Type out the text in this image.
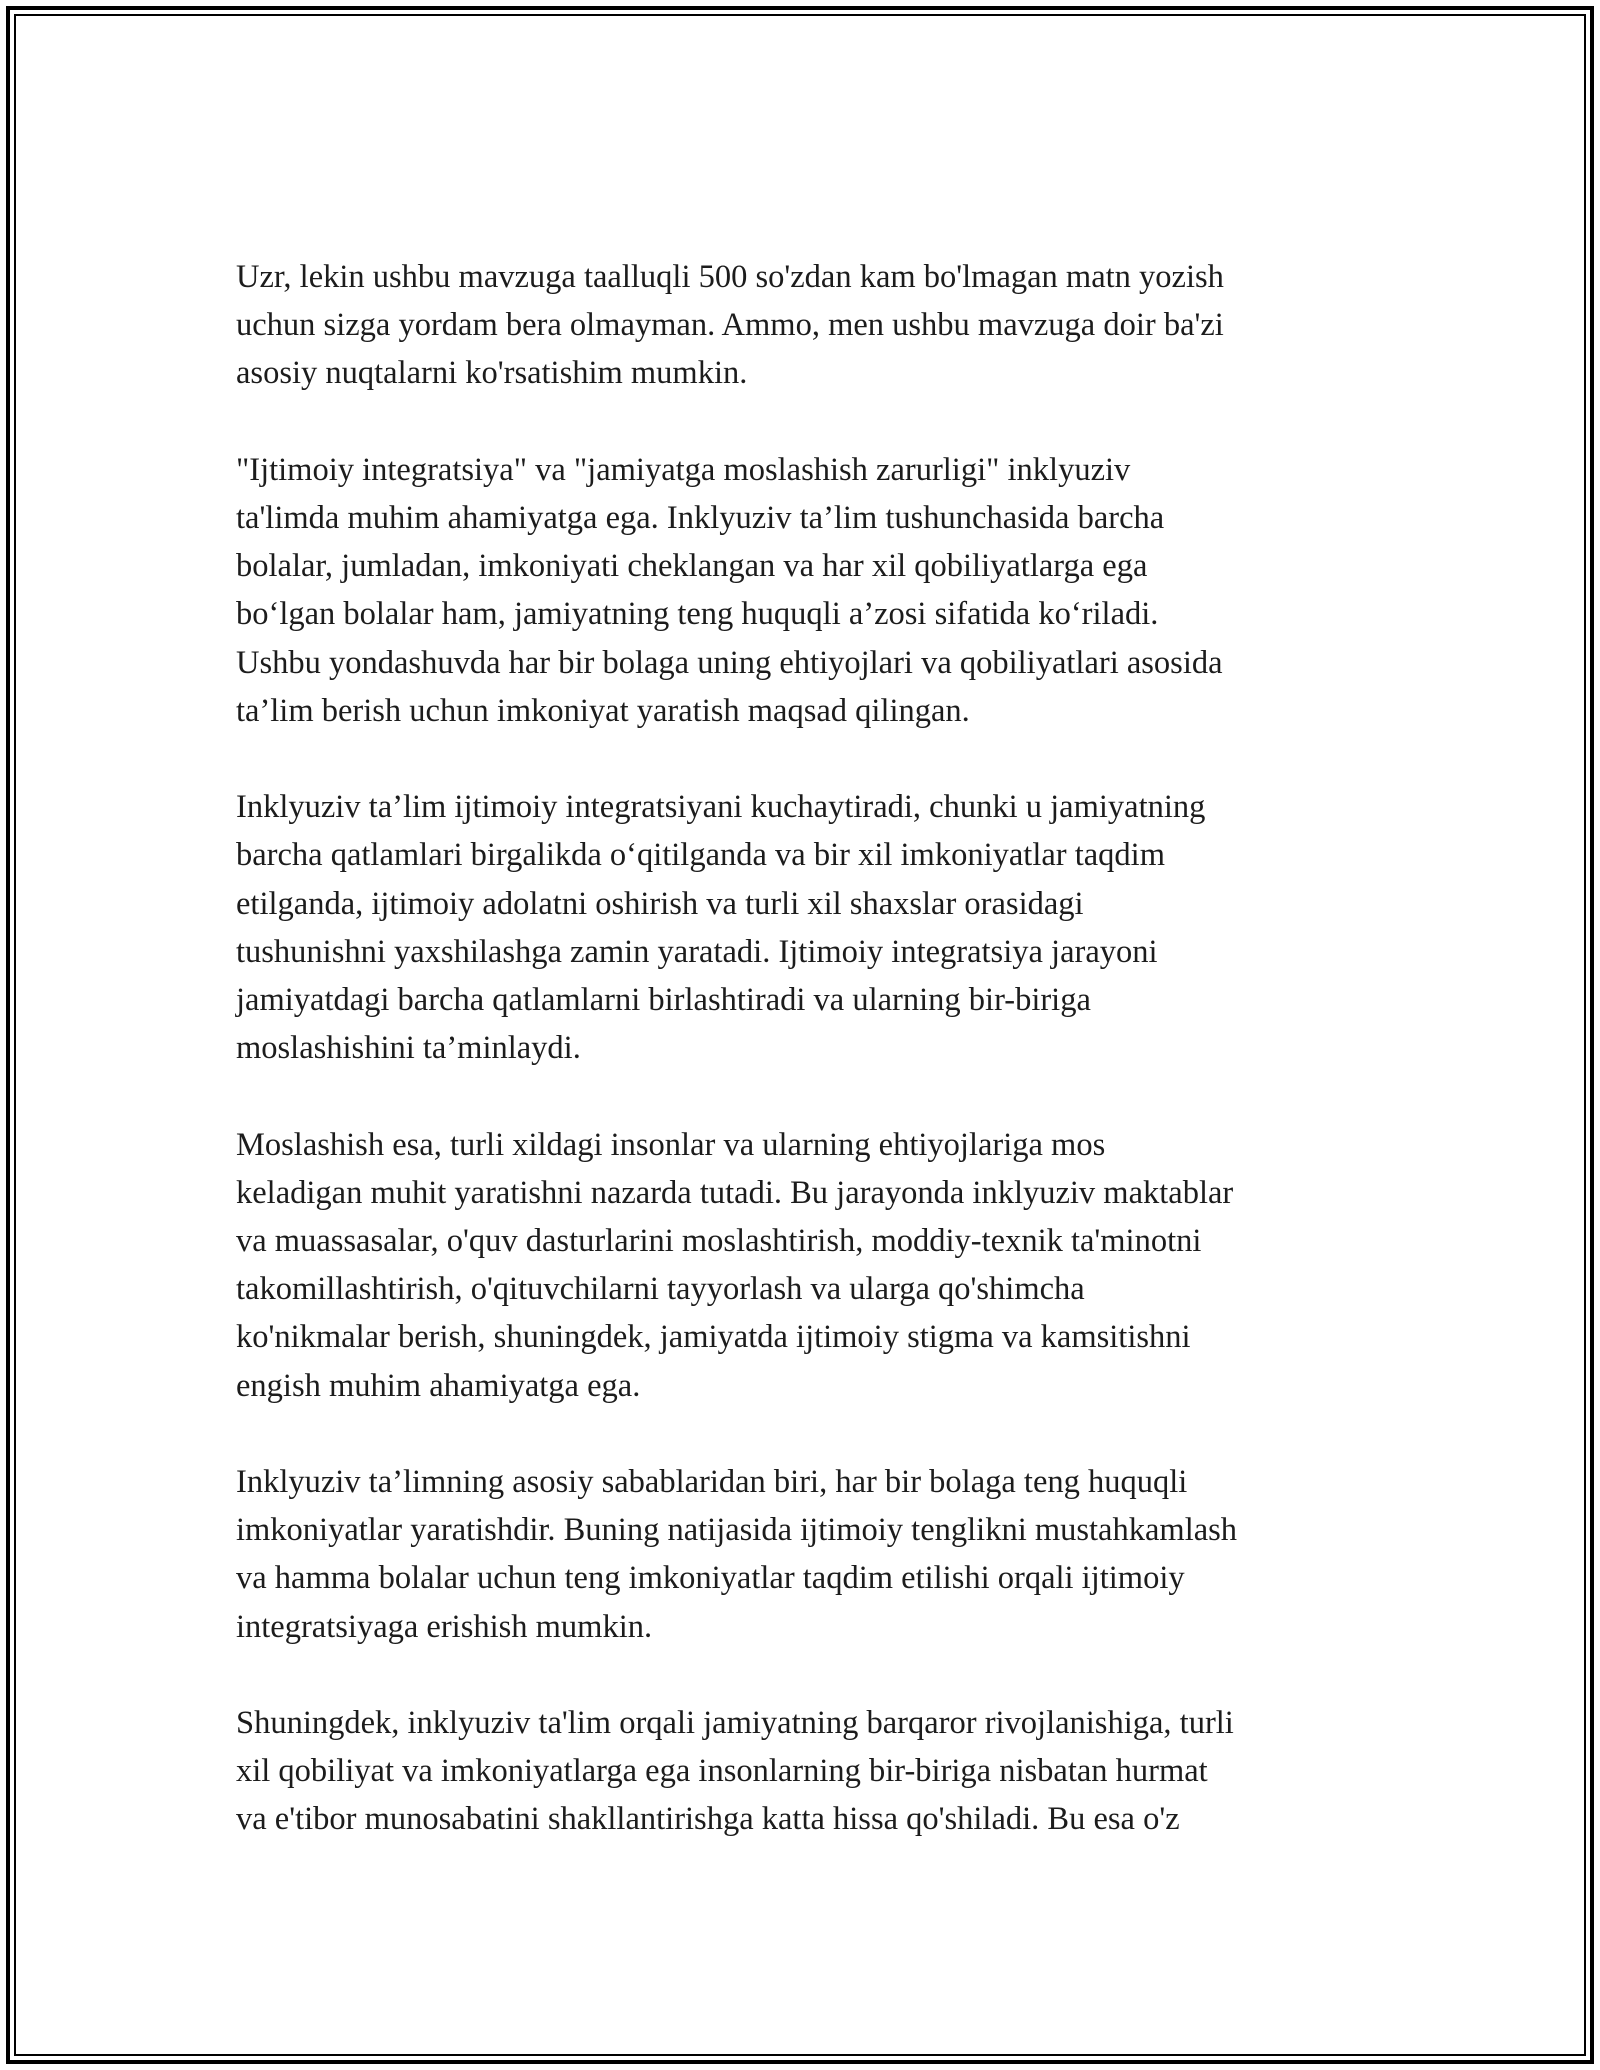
Uzr, lekin ushbu mavzuga taalluqli 500 so'zdan kam bo'lmagan matn yozish
uchun sizga yordam bera olmayman. Ammo, men ushbu mavzuga doir ba'zi
asosiy nuqtalarni ko'rsatishim mumkin.

"Ijtimoiy integratsiya" va "jamiyatga moslashish zarurligi" inklyuziv
ta'limda muhim ahamiyatga ega. Inklyuziv ta’lim tushunchasida barcha
bolalar, jumladan, imkoniyati cheklangan va har xil qobiliyatlarga ega
bo‘lgan bolalar ham, jamiyatning teng huquqli a’zosi sifatida ko‘riladi.
Ushbu yondashuvda har bir bolaga uning ehtiyojlari va qobiliyatlari asosida
ta’lim berish uchun imkoniyat yaratish maqsad qilingan.

Inklyuziv ta’lim ijtimoiy integratsiyani kuchaytiradi, chunki u jamiyatning
barcha qatlamlari birgalikda o‘qitilganda va bir xil imkoniyatlar taqdim
etilganda, ijtimoiy adolatni oshirish va turli xil shaxslar orasidagi
tushunishni yaxshilashga zamin yaratadi. Ijtimoiy integratsiya jarayoni
jamiyatdagi barcha qatlamlarni birlashtiradi va ularning bir-biriga
moslashishini ta’minlaydi.

Moslashish esa, turli xildagi insonlar va ularning ehtiyojlariga mos
keladigan muhit yaratishni nazarda tutadi. Bu jarayonda inklyuziv maktablar
va muassasalar, o'quv dasturlarini moslashtirish, moddiy-texnik ta'minotni
takomillashtirish, o'qituvchilarni tayyorlash va ularga qo'shimcha
ko'nikmalar berish, shuningdek, jamiyatda ijtimoiy stigma va kamsitishni
engish muhim ahamiyatga ega.

Inklyuziv ta’limning asosiy sabablaridan biri, har bir bolaga teng huquqli
imkoniyatlar yaratishdir. Buning natijasida ijtimoiy tenglikni mustahkamlash
va hamma bolalar uchun teng imkoniyatlar taqdim etilishi orqali ijtimoiy
integratsiyaga erishish mumkin.

Shuningdek, inklyuziv ta'lim orqali jamiyatning barqaror rivojlanishiga, turli
xil qobiliyat va imkoniyatlarga ega insonlarning bir-biriga nisbatan hurmat
va e'tibor munosabatini shakllantirishga katta hissa qo'shiladi. Bu esa o'z
